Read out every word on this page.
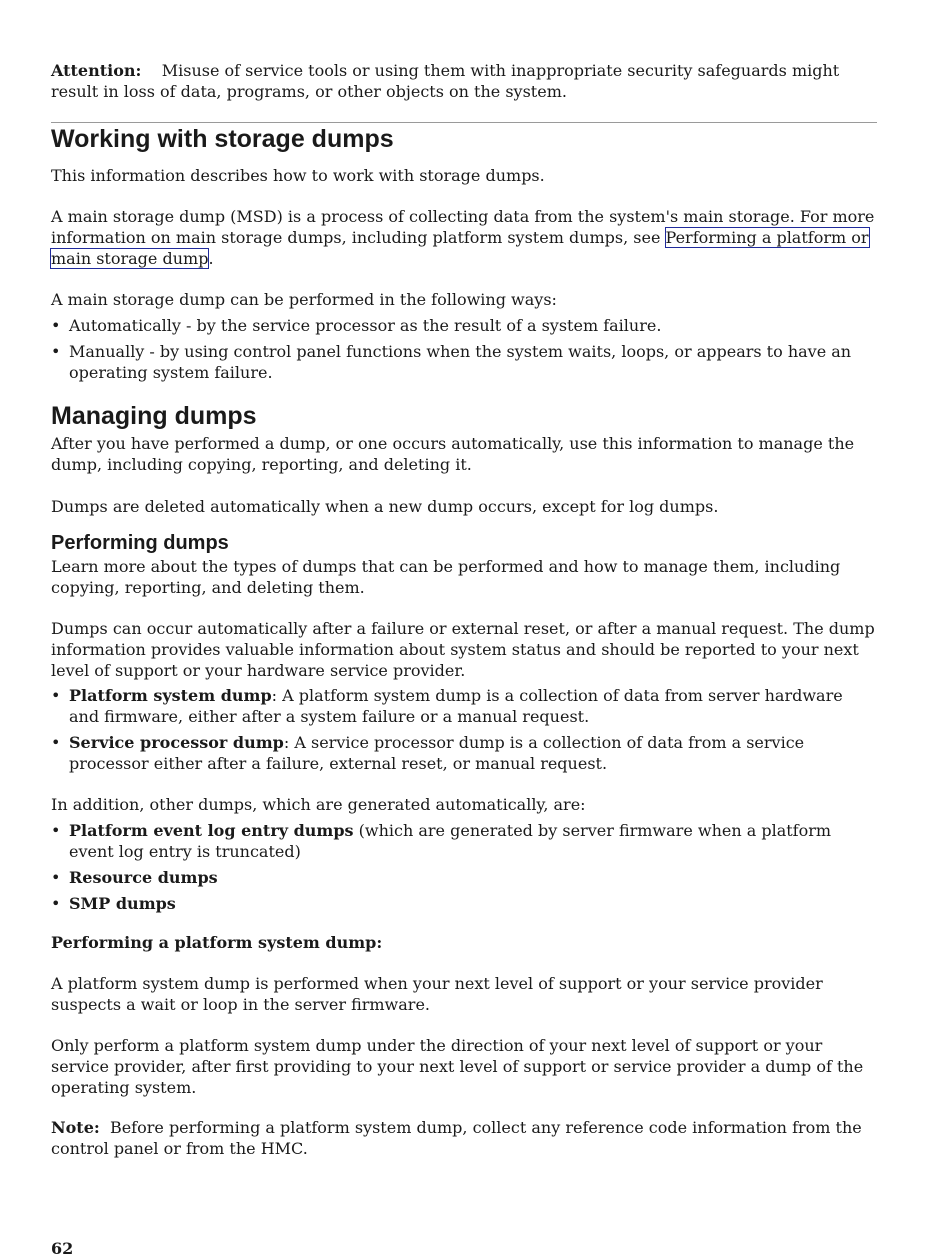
Attention: Misuse of service tools or using them with inappropriate security safeguards might result in loss of data, programs, or other objects on the system.

Working with storage dumps

This information describes how to work with storage dumps.

A main storage dump (MSD) is a process of collecting data from the system's main storage. For more information on main storage dumps, including platform system dumps, see Performing a platform or main storage dump.

A main storage dump can be performed in the following ways:

• Automatically - by the service processor as the result of a system failure.
• Manually - by using control panel functions when the system waits, loops, or appears to have an operating system failure.
Managing dumps

After you have performed a dump, or one occurs automatically, use this information to manage the dump, including copying, reporting, and deleting it.

Dumps are deleted automatically when a new dump occurs, except for log dumps.

Performing dumps

Learn more about the types of dumps that can be performed and how to manage them, including copying, reporting, and deleting them.

Dumps can occur automatically after a failure or external reset, or after a manual request. The dump information provides valuable information about system status and should be reported to your next level of support or your hardware service provider.

• Platform system dump: A platform system dump is a collection of data from server hardware and firmware, either after a system failure or a manual request.
• Service processor dump: A service processor dump is a collection of data from a service processor either after a failure, external reset, or manual request.

In addition, other dumps, which are generated automatically, are:

• Platform event log entry dumps (which are generated by server firmware when a platform event log entry is truncated)
• Resource dumps
• SMP dumps

Performing a platform system dump:

A platform system dump is performed when your next level of support or your service provider suspects a wait or loop in the server firmware.

Only perform a platform system dump under the direction of your next level of support or your service provider, after first providing to your next level of support or service provider a dump of the operating system.

Note: Before performing a platform system dump, collect any reference code information from the control panel or from the HMC.

62
